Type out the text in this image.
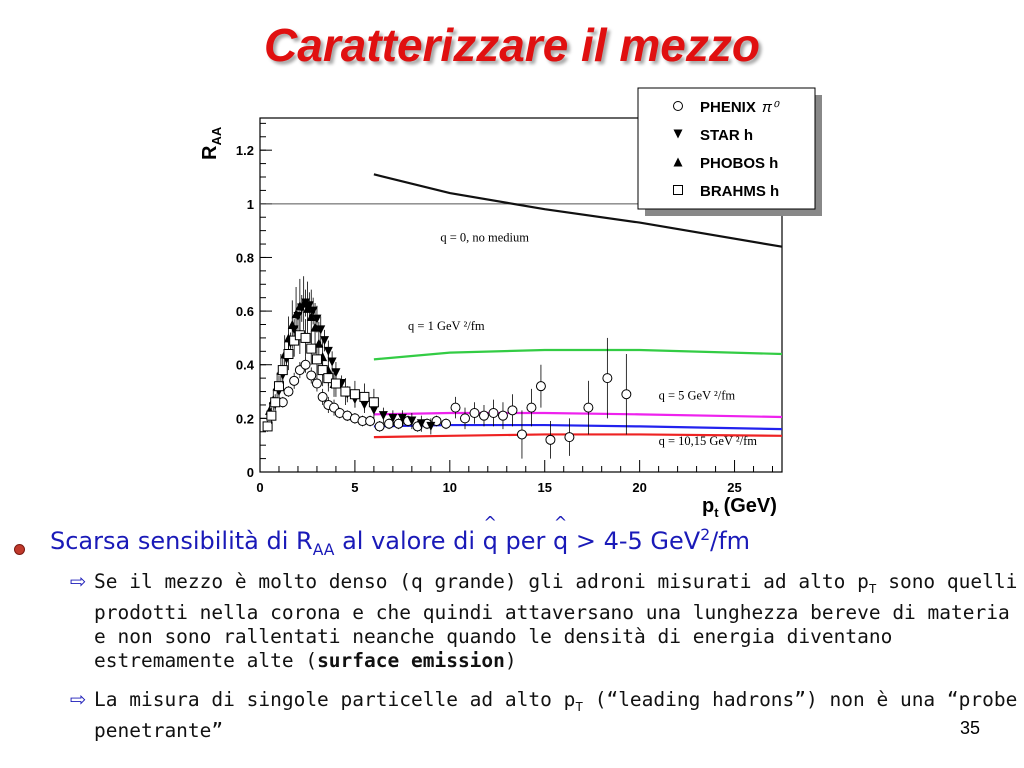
Caratterizzare il mezzo
0
0.2
0.4
0.6
0.8
1
1.2
0	5	10	15	20	25
$R_{AA}$
$p_t$ (GeV)
q = 0, no medium
q = 1 GeV ²/fm
q = 5 GeV ²/fm
q = 10,15 GeV ²/fm
PHENIX π⁰
STAR h
PHOBOS h
BRAHMS h
Scarsa sensibilità di $R_{AA}$ al valore di ^ q per ^ q > 4-5 GeV$^2$/fm
⇨ Se il mezzo è molto denso (q grande) gli adroni misurati ad alto $p_T$ sono quelli prodotti nella corona e che quindi attaversano una lunghezza bereve di materia e non sono rallentati neanche quando le densità di energia diventano estremamente alte (surface emission)
⇨ La misura di singole particelle ad alto $p_T$ (“leading hadrons”) non è una “probe penetrante”	35
